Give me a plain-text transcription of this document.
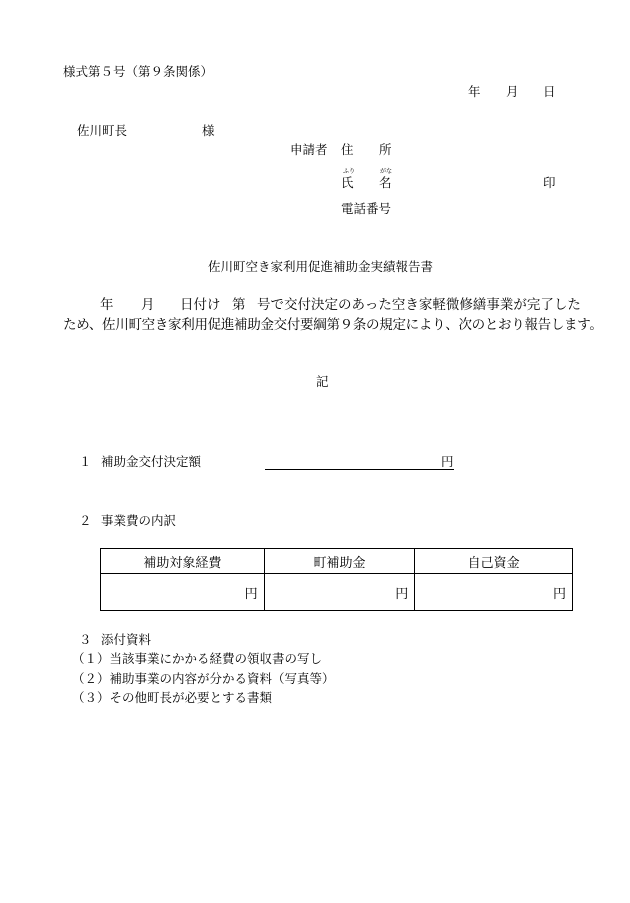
様式第５号（第９条関係）
年 月 日
佐川町長	様
申請者 住 所
ふり	がな
氏 名	印
電話番号
佐川町空き家利用促進補助金実績報告書
年 月 日付け 第 号で交付決定のあった空き家軽微修繕事業が完了した
ため、佐川町空き家利用促進補助金交付要綱第９条の規定により、次のとおり報告します。
記
１ 補助金交付決定額	円
２ 事業費の内訳
補助対象経費	町補助金	自己資金
円	円	円
３ 添付資料
（１）当該事業にかかる経費の領収書の写し
（２）補助事業の内容が分かる資料（写真等）
（３）その他町長が必要とする書類
